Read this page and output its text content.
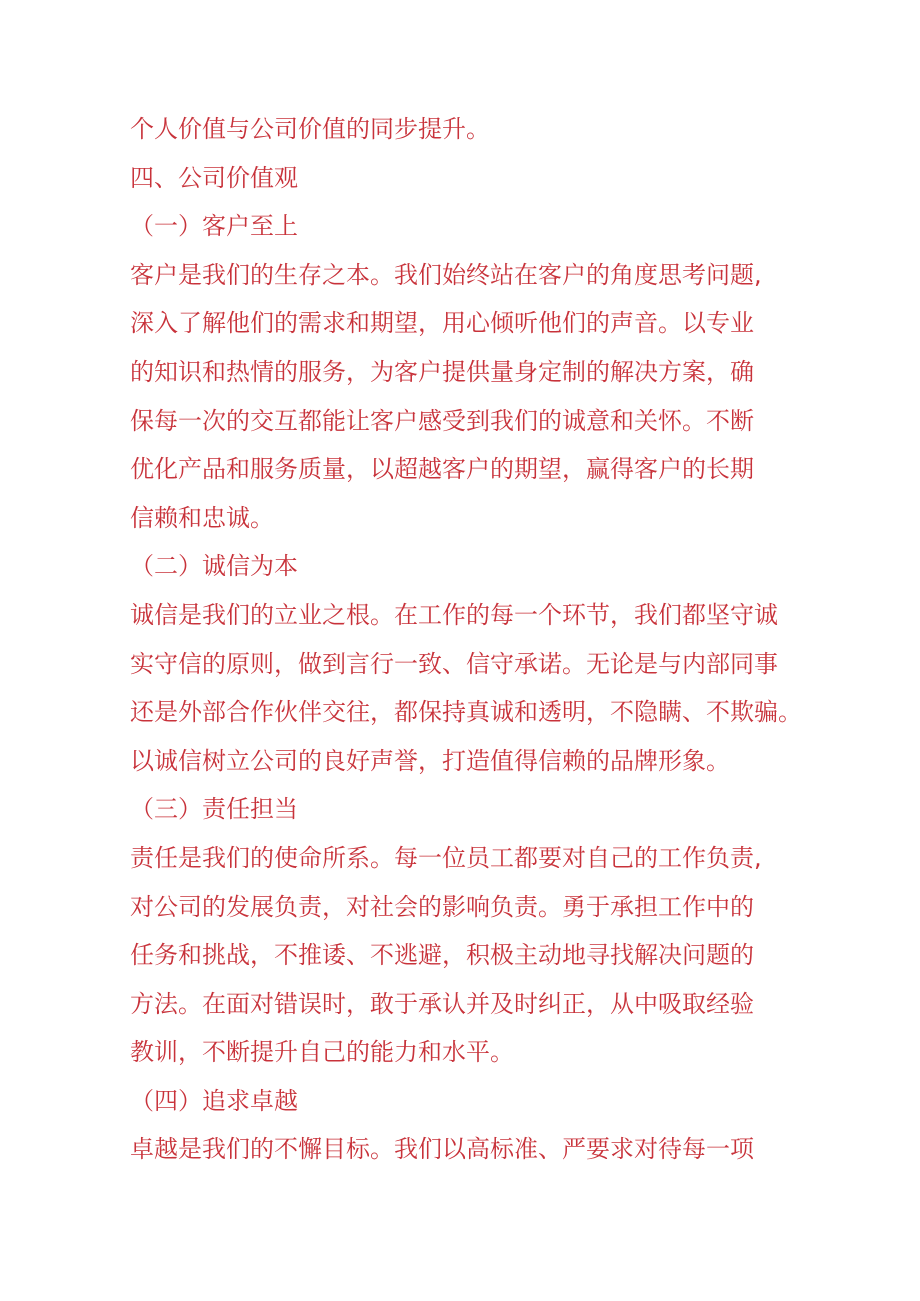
个人价值与公司价值的同步提升。
四、公司价值观
（一）客户至上
客户是我们的生存之本。我们始终站在客户的角度思考问题,
深入了解他们的需求和期望，用心倾听他们的声音。以专业
的知识和热情的服务，为客户提供量身定制的解决方案，确
保每一次的交互都能让客户感受到我们的诚意和关怀。不断
优化产品和服务质量，以超越客户的期望，赢得客户的长期
信赖和忠诚。
（二）诚信为本
诚信是我们的立业之根。在工作的每一个环节，我们都坚守诚
实守信的原则，做到言行一致、信守承诺。无论是与内部同事
还是外部合作伙伴交往，都保持真诚和透明，不隐瞒、不欺骗。
以诚信树立公司的良好声誉，打造值得信赖的品牌形象。
（三）责任担当
责任是我们的使命所系。每一位员工都要对自己的工作负责,
对公司的发展负责，对社会的影响负责。勇于承担工作中的
任务和挑战，不推诿、不逃避，积极主动地寻找解决问题的
方法。在面对错误时，敢于承认并及时纠正，从中吸取经验
教训，不断提升自己的能力和水平。
（四）追求卓越
卓越是我们的不懈目标。我们以高标准、严要求对待每一项
